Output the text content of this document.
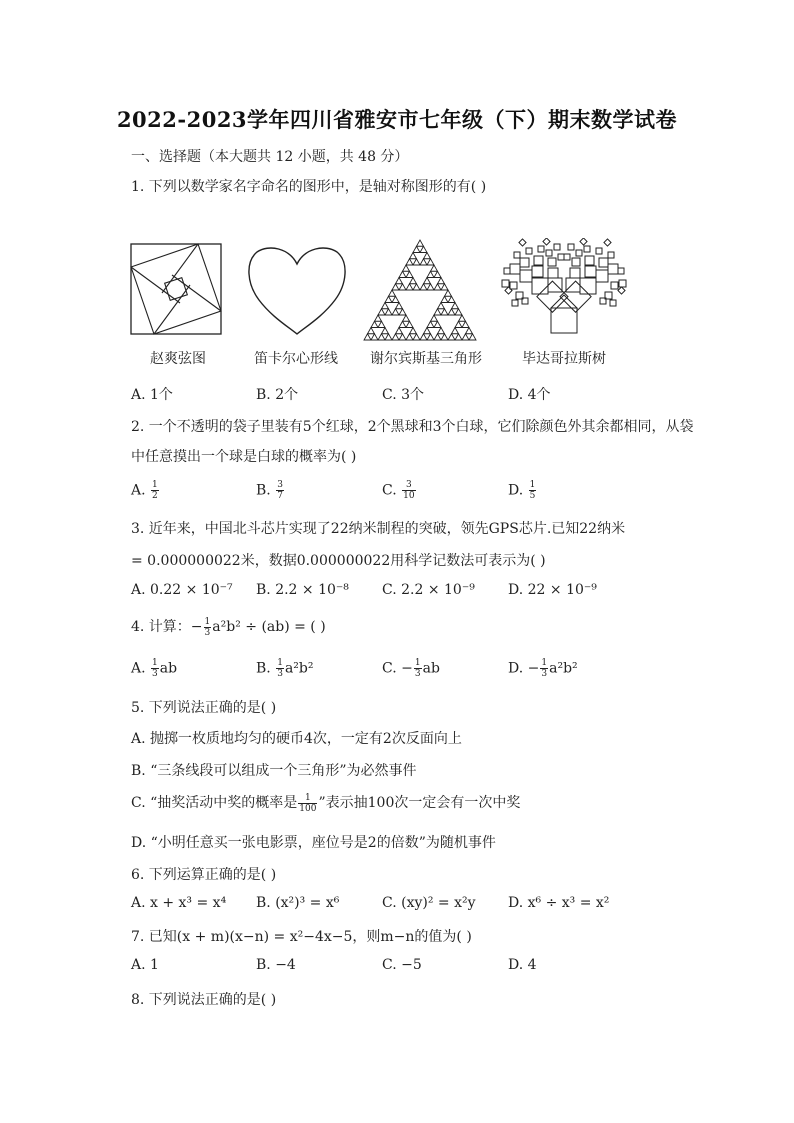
2022-2023学年四川省雅安市七年级（下）期末数学试卷
一、选择题（本大题共 12 小题，共 48 分）
1. 下列以数学家名字命名的图形中，是轴对称图形的有( )
赵爽弦图	笛卡尔心形线 谢尔宾斯基三角形	毕达哥拉斯树
A. 1个	B. 2个	C. 3个	D. 4个
2. 一个不透明的袋子里装有5个红球，2个黑球和3个白球，它们除颜色外其余都相同，从袋
中任意摸出一个球是白球的概率为( )
A. $\frac{1}{2}$	B. $\frac{3}{7}$	C. $\frac{3}{10}$	D. $\frac{1}{5}$
3. 近年来，中国北斗芯片实现了22纳米制程的突破，领先GPS芯片.已知22纳米
= 0.000000022米，数据0.000000022用科学记数法可表示为( )
A. 0.22 × 10⁻⁷ B. 2.2 × 10⁻⁸ C. 2.2 × 10⁻⁹ D. 22 × 10⁻⁹
4. 计算：− $\frac{1}{3} a^2b^2 \div (ab)$ = ( )
A. $\frac{1}{3}$ ab	B. $\frac{1}{3} a^2b^2$	C. − $\frac{1}{3}$ ab	D. − $\frac{1}{3} a^2b^2$
5. 下列说法正确的是( )
A. 抛掷一枚质地均匀的硬币4次，一定有2次反面向上
B. “三条线段可以组成一个三角形”为必然事件
C. “抽奖活动中奖的概率是 $\frac{1}{100}$ ”表示抽100次一定会有一次中奖
D. “小明任意买一张电影票，座位号是2的倍数”为随机事件
6. 下列运算正确的是( )
A. x + x³ = x⁴ B. (x²)³ = x⁶	C. (xy)² = x²y D. x⁶ ÷ x³ = x²
7. 已知(x + m)(x−n) = x²−4x−5，则m−n的值为( )
A. 1	B. −4	C. −5	D. 4
8. 下列说法正确的是( )
